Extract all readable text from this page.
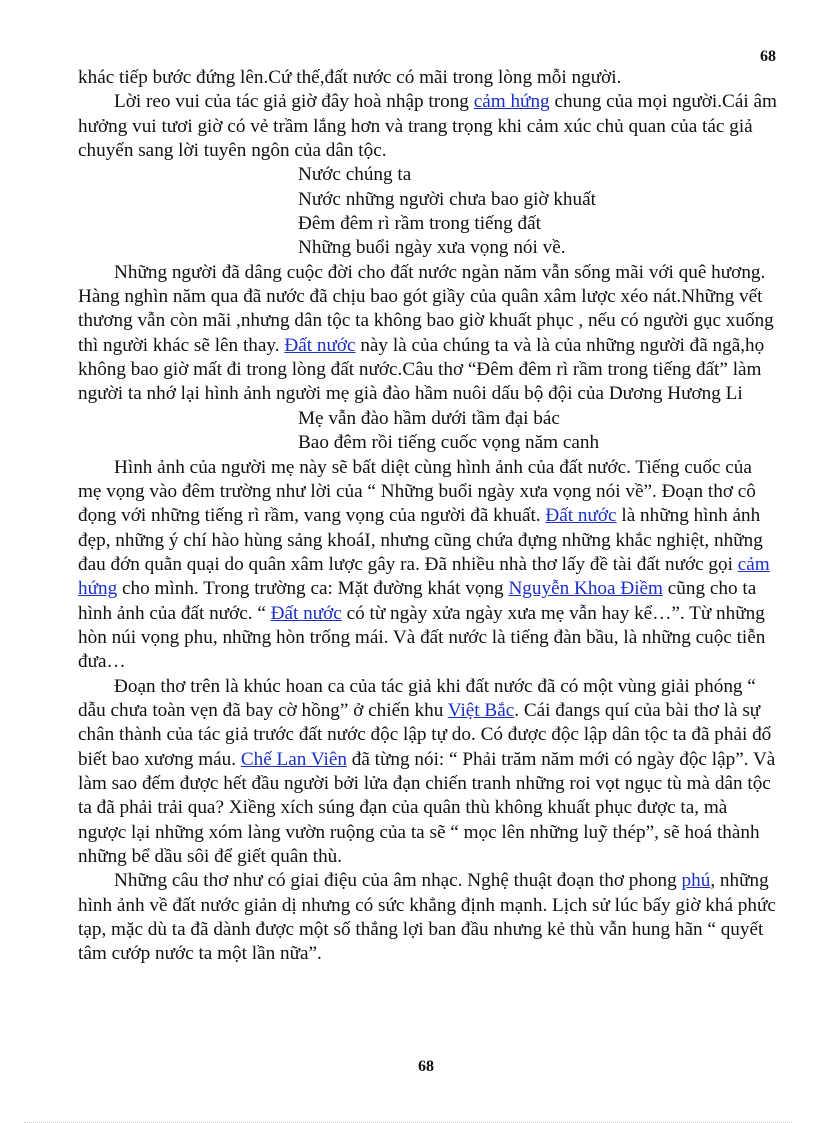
68

khác tiếp bước đứng lên.Cứ thế,đất nước có mãi trong lòng mỗi người.

Lời reo vui của tác giả giờ đây hoà nhập trong cảm hứng chung của mọi người.Cái âm hưởng vui tươi giờ có vẻ trầm lắng hơn và trang trọng khi cảm xúc chủ quan của tác giả chuyển sang lời tuyên ngôn của dân tộc.

Nước chúng ta

Nước những người chưa bao giờ khuất

Đêm đêm rì rầm trong tiếng đất

Những buổi ngày xưa vọng nói về.

Những người đã dâng cuộc đời cho đất nước ngàn năm vẫn sống mãi với quê hương. Hàng nghìn năm qua đã nước đã chịu bao gót giầy của quân xâm lược xéo nát.Những vết thương vẫn còn mãi ,nhưng dân tộc ta không bao giờ khuất phục , nếu có người gục xuống thì người khác sẽ lên thay. Đất nước này là của chúng ta và là của những người đã ngã,họ không bao giờ mất đi trong lòng đất nước.Câu thơ “Đêm đêm rì rầm trong tiếng đất” làm người ta nhớ lại hình ảnh người mẹ già đào hầm nuôi dấu bộ đội của Dương Hương Li

Mẹ vẫn đào hầm dưới tầm đại bác

Bao đêm rồi tiếng cuốc vọng năm canh

Hình ảnh của người mẹ này sẽ bất diệt cùng hình ảnh của đất nước. Tiếng cuốc của mẹ vọng vào đêm trường như lời của “ Những buổi ngày xưa vọng nói về”. Đoạn thơ cô đọng với những tiếng rì rầm, vang vọng của người đã khuất. Đất nước là những hình ảnh đẹp, những ý chí hào hùng sảng khoáI, nhưng cũng chứa đựng những khắc nghiệt, những đau đớn quằn quại do quân xâm lược gây ra. Đã nhiều nhà thơ lấy đề tài đất nước gọi cảm hứng cho mình. Trong trường ca: Mặt đường khát vọng Nguyễn Khoa Điềm cũng cho ta hình ảnh của đất nước. “ Đất nước có từ ngày xửa ngày xưa mẹ vẫn hay kể…”. Từ những hòn núi vọng phu, những hòn trống mái. Và đất nước là tiếng đàn bầu, là những cuộc tiễn đưa…

Đoạn thơ trên là khúc hoan ca của tác giả khi đất nước đã có một vùng giải phóng “ dẫu chưa toàn vẹn đã bay cờ hồng” ở chiến khu Việt Bắc. Cái đangs quí của bài thơ là sự chân thành của tác giả trước đất nước độc lập tự do. Có được độc lập dân tộc ta đã phải đổ biết bao xương máu. Chế Lan Viên đã từng nói: “ Phải trăm năm mới có ngày độc lập”. Và làm sao đếm được hết đầu người bởi lửa đạn chiến tranh những roi vọt ngục tù mà dân tộc ta đã phải trải qua? Xiềng xích súng đạn của quân thù không khuất phục được ta, mà ngược lại những xóm làng vườn ruộng của ta sẽ “ mọc lên những luỹ thép”, sẽ hoá thành những bể dầu sôi để giết quân thù.

Những câu thơ như có giai điệu của âm nhạc. Nghệ thuật đoạn thơ phong phú, những hình ảnh về đất nước giản dị nhưng có sức khẳng định mạnh. Lịch sử lúc bấy giờ khá phức tạp, mặc dù ta đã dành được một số thắng lợi ban đầu nhưng kẻ thù vẫn hung hãn “ quyết tâm cướp nước ta một lần nữa”.

68
